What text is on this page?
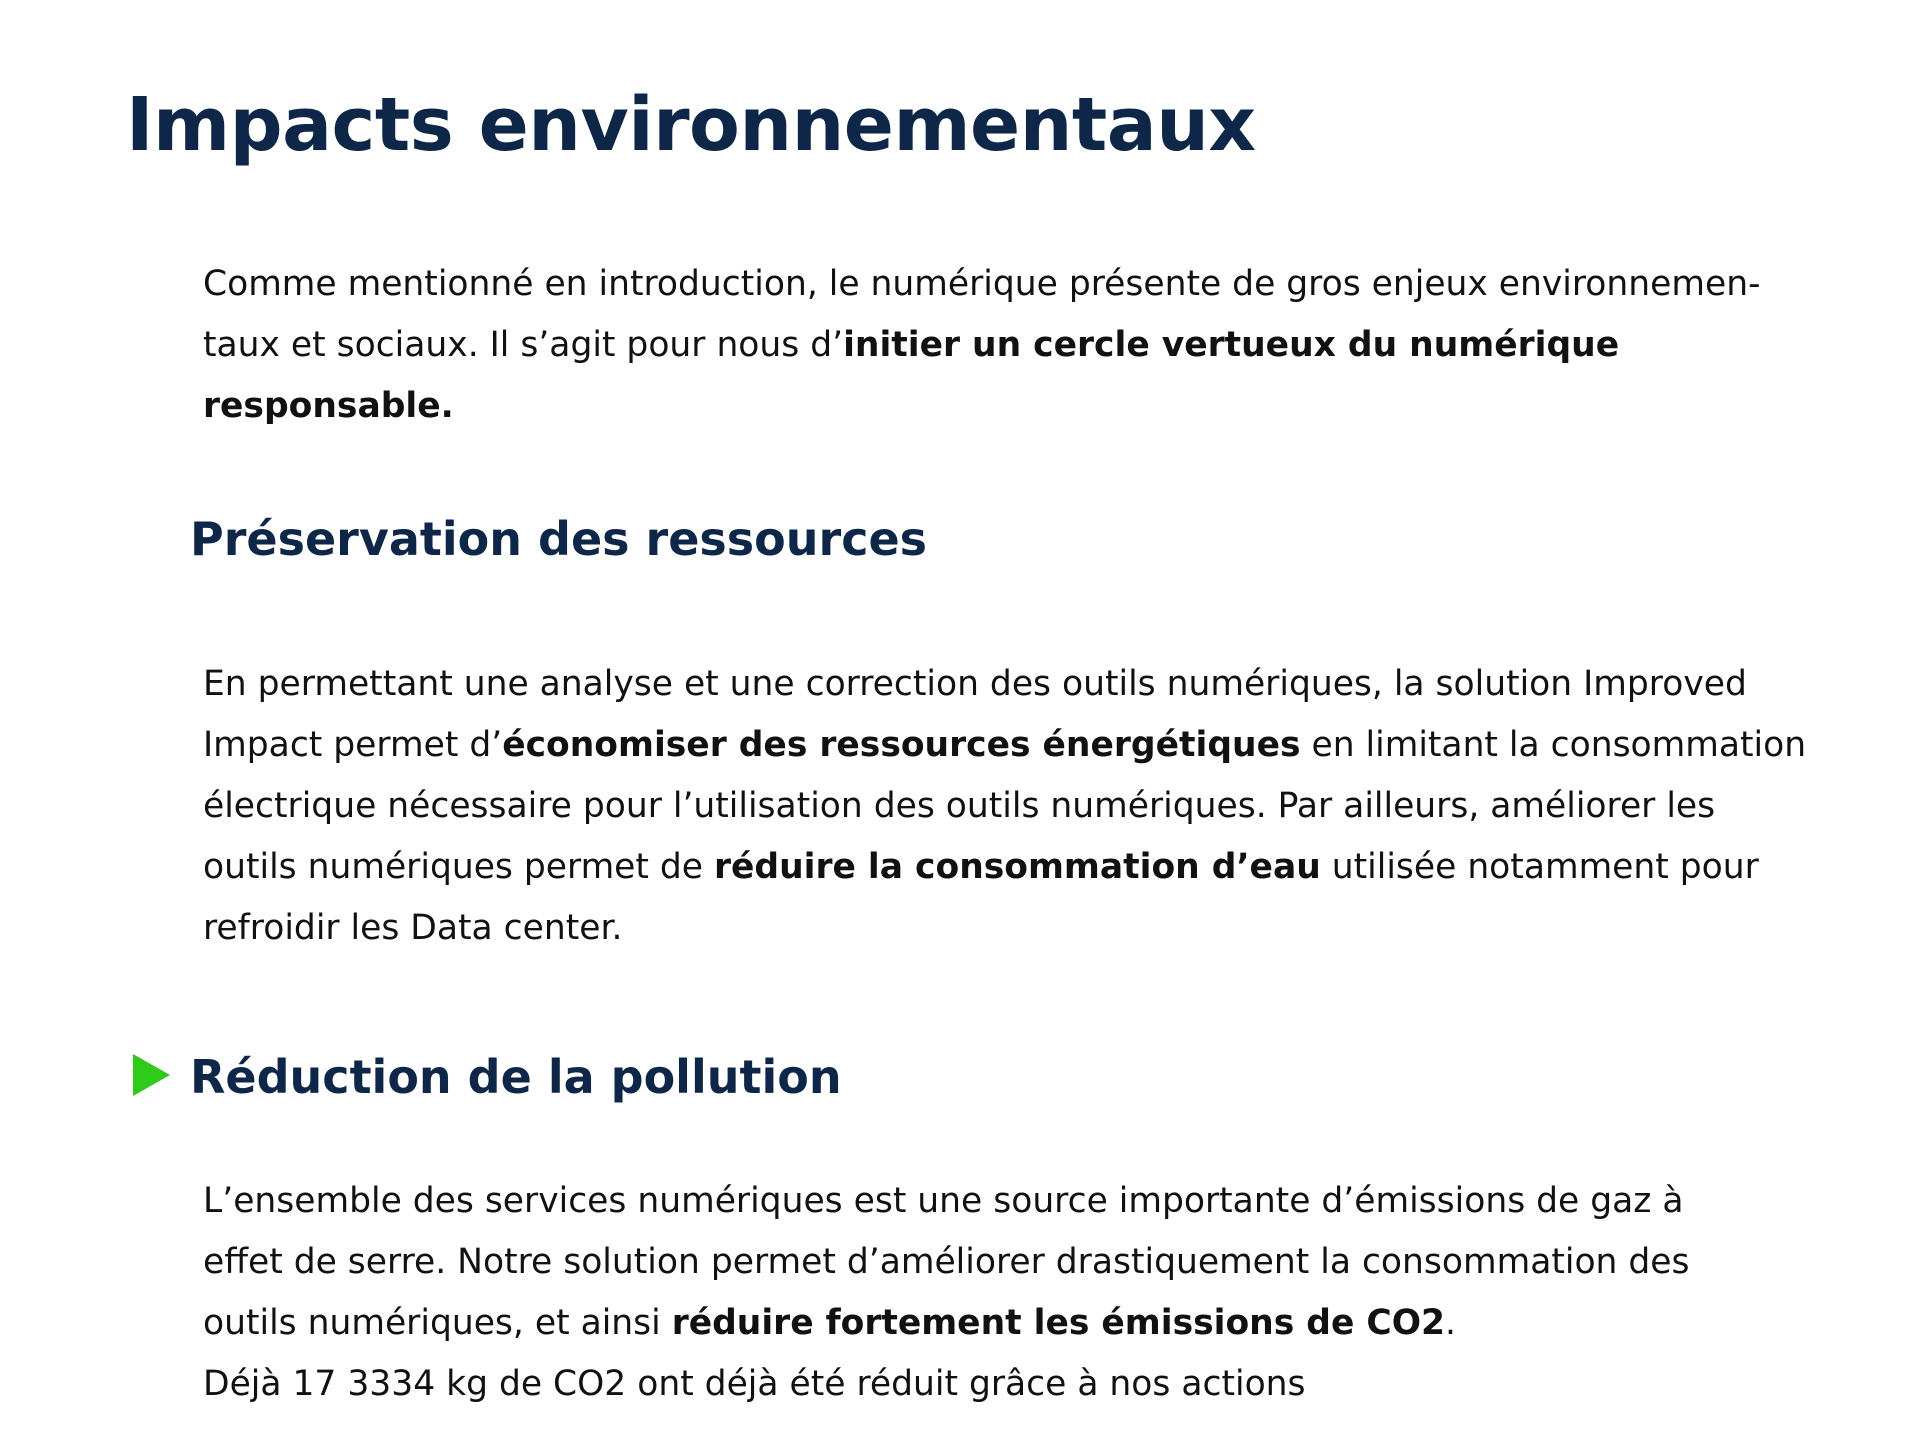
Impacts environnementaux

Comme mentionné en introduction, le numérique présente de gros enjeux environnemen-
taux et sociaux. Il s’agit pour nous d’initier un cercle vertueux du numérique
responsable.

Préservation des ressources

En permettant une analyse et une correction des outils numériques, la solution Improved
Impact permet d’économiser des ressources énergétiques en limitant la consommation
électrique nécessaire pour l’utilisation des outils numériques. Par ailleurs, améliorer les
outils numériques permet de réduire la consommation d’eau utilisée notamment pour
refroidir les Data center.

Réduction de la pollution

L’ensemble des services numériques est une source importante d’émissions de gaz à
effet de serre. Notre solution permet d’améliorer drastiquement la consommation des
outils numériques, et ainsi réduire fortement les émissions de CO2.
Déjà 17 3334 kg de CO2 ont déjà été réduit grâce à nos actions
